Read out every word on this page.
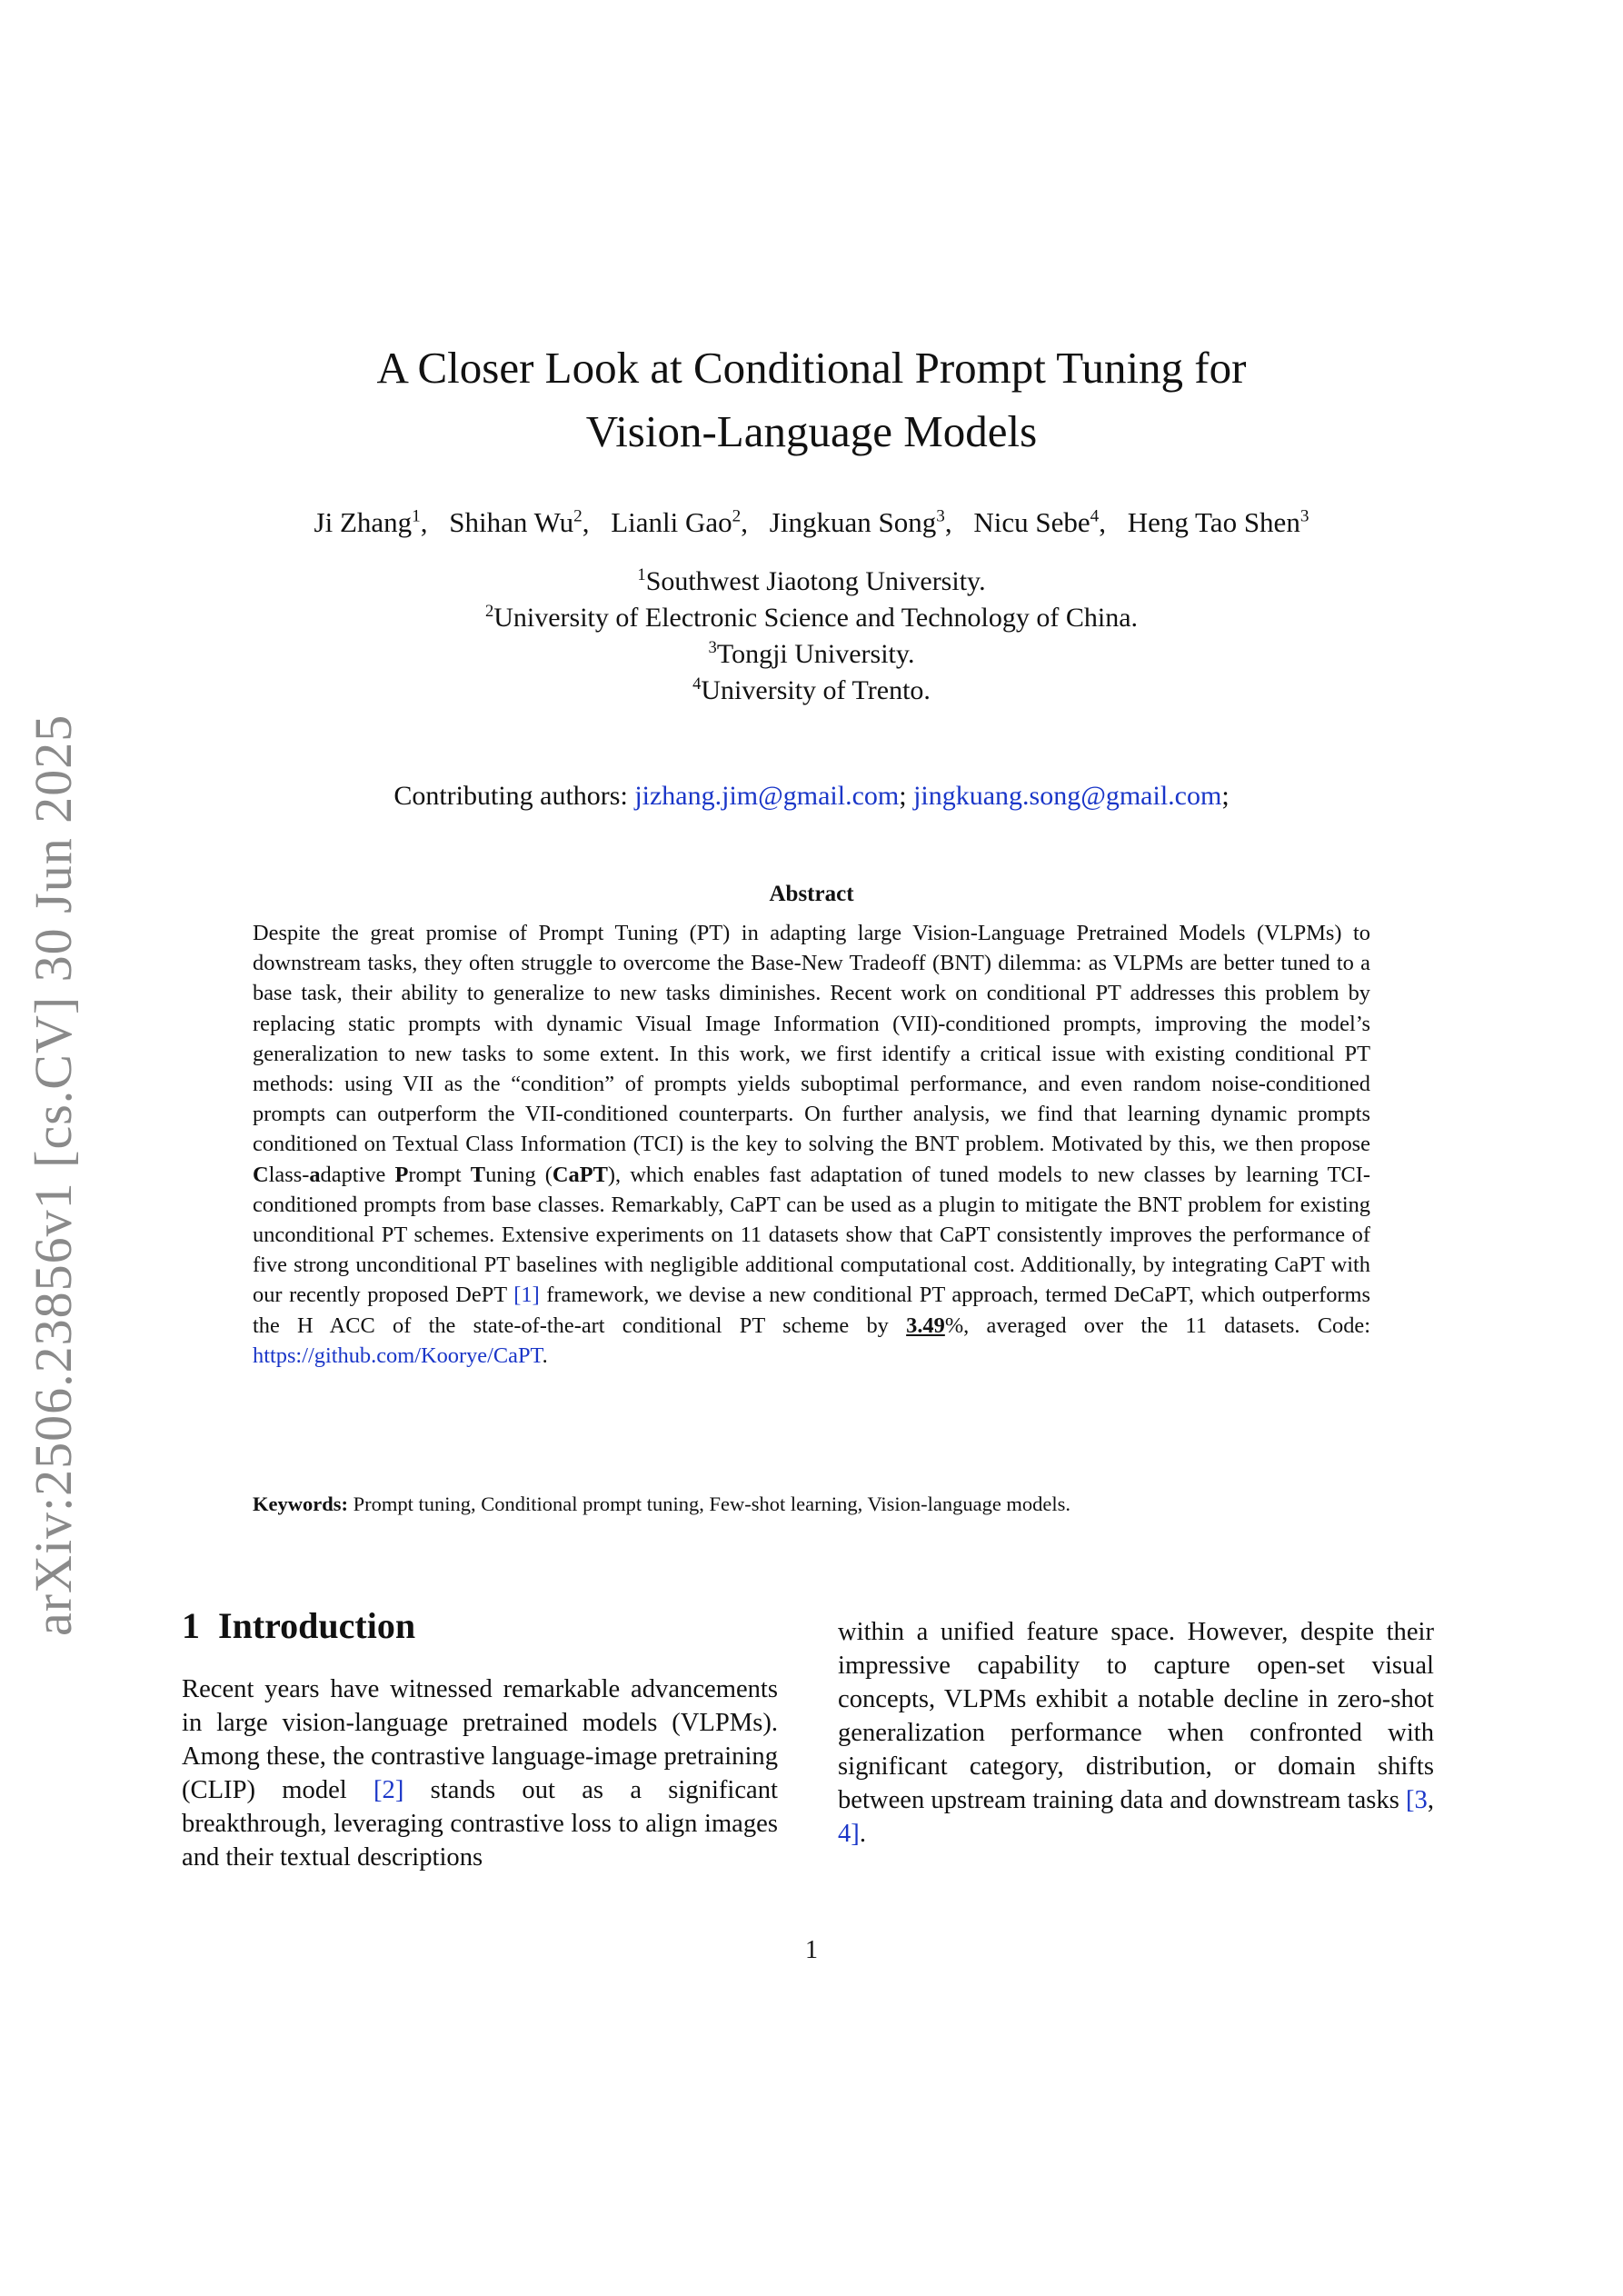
arXiv:2506.23856v1 [cs.CV] 30 Jun 2025
A Closer Look at Conditional Prompt Tuning for
Vision-Language Models
Ji Zhang$^1$, Shihan Wu$^2$, Lianli Gao$^2$, Jingkuan Song$^3$, Nicu Sebe$^4$, Heng Tao Shen$^3$
$^1$Southwest Jiaotong University.
$^2$University of Electronic Science and Technology of China.
$^3$Tongji University.
$^4$University of Trento.
Contributing authors: jizhang.jim@gmail.com; jingkuang.song@gmail.com;
Abstract
Despite the great promise of Prompt Tuning (PT) in adapting large Vision-Language Pretrained Models (VLPMs) to downstream tasks, they often struggle to overcome the Base-New Tradeoff (BNT) dilemma: as VLPMs are better tuned to a base task, their ability to generalize to new tasks diminishes. Recent work on conditional PT addresses this problem by replacing static prompts with dynamic Visual Image Information (VII)-conditioned prompts, improving the model’s generalization to new tasks to some extent. In this work, we first identify a critical issue with existing conditional PT methods: using VII as the “condition” of prompts yields suboptimal performance, and even random noise-conditioned prompts can outperform the VII-conditioned counterparts. On further analysis, we find that learning dynamic prompts conditioned on Textual Class Information (TCI) is the key to solving the BNT problem. Motivated by this, we then propose Class-adaptive Prompt Tuning (CaPT), which enables fast adaptation of tuned models to new classes by learning TCI-conditioned prompts from base classes. Remarkably, CaPT can be used as a plugin to mitigate the BNT problem for existing unconditional PT schemes. Extensive experiments on 11 datasets show that CaPT consistently improves the performance of five strong unconditional PT baselines with negligible additional computational cost. Additionally, by integrating CaPT with our recently proposed DePT [1] framework, we devise a new conditional PT approach, termed DeCaPT, which outperforms the H ACC of the state-of-the-art conditional PT scheme by 3.49%, averaged over the 11 datasets. Code: https://github.com/Koorye/CaPT.
Keywords: Prompt tuning, Conditional prompt tuning, Few-shot learning, Vision-language models.
1 Introduction
Recent years have witnessed remarkable advancements in large vision-language pretrained models (VLPMs). Among these, the contrastive language-image pretraining (CLIP) model [2] stands out as a significant breakthrough, leveraging contrastive loss to align images and their textual descriptions
within a unified feature space. However, despite their impressive capability to capture open-set visual concepts, VLPMs exhibit a notable decline in zero-shot generalization performance when confronted with significant category, distribution, or domain shifts between upstream training data and downstream tasks [3, 4].
1
